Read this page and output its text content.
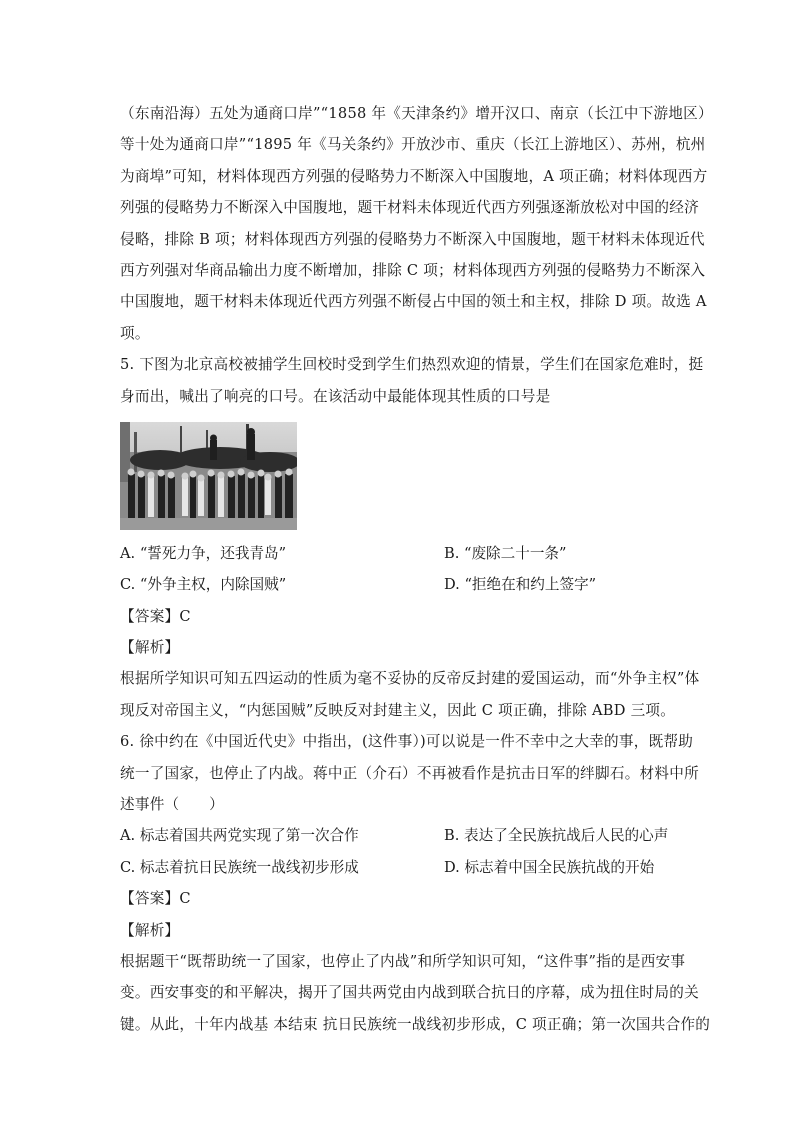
（东南沿海）五处为通商口岸”“1858 年《天津条约》增开汉口、南京（长江中下游地区）
等十处为通商口岸”“1895 年《马关条约》开放沙市、重庆（长江上游地区）、苏州，杭州
为商埠”可知，材料体现西方列强的侵略势力不断深入中国腹地，A 项正确；材料体现西方
列强的侵略势力不断深入中国腹地，题干材料未体现近代西方列强逐渐放松对中国的经济
侵略，排除 B 项；材料体现西方列强的侵略势力不断深入中国腹地，题干材料未体现近代
西方列强对华商品输出力度不断增加，排除 C 项；材料体现西方列强的侵略势力不断深入
中国腹地，题干材料未体现近代西方列强不断侵占中国的领土和主权，排除 D 项。故选 A
项。
5. 下图为北京高校被捕学生回校时受到学生们热烈欢迎的情景，学生们在国家危难时，挺
身而出，喊出了响亮的口号。在该活动中最能体现其性质的口号是
A. “誓死力争，还我青岛”	B. “废除二十一条”
C. “外争主权，内除国贼”	D. “拒绝在和约上签字”
【答案】C
【解析】
根据所学知识可知五四运动的性质为毫不妥协的反帝反封建的爱国运动，而“外争主权”体
现反对帝国主义，“内惩国贼”反映反对封建主义，因此 C 项正确，排除 ABD 三项。
6. 徐中约在《中国近代史》中指出，(这件事）)可以说是一件不幸中之大幸的事，既帮助
统一了国家，也停止了内战。蒋中正（介石）不再被看作是抗击日军的绊脚石。材料中所
述事件（　　）
A. 标志着国共两党实现了第一次合作	B. 表达了全民族抗战后人民的心声
C. 标志着抗日民族统一战线初步形成	D. 标志着中国全民族抗战的开始
【答案】C
【解析】
根据题干“既帮助统一了国家，也停止了内战”和所学知识可知，“这件事”指的是西安事
变。西安事变的和平解决，揭开了国共两党由内战到联合抗日的序幕，成为扭住时局的关
键。从此，十年内战基 本结束 抗日民族统一战线初步形成，C 项正确；第一次国共合作的
